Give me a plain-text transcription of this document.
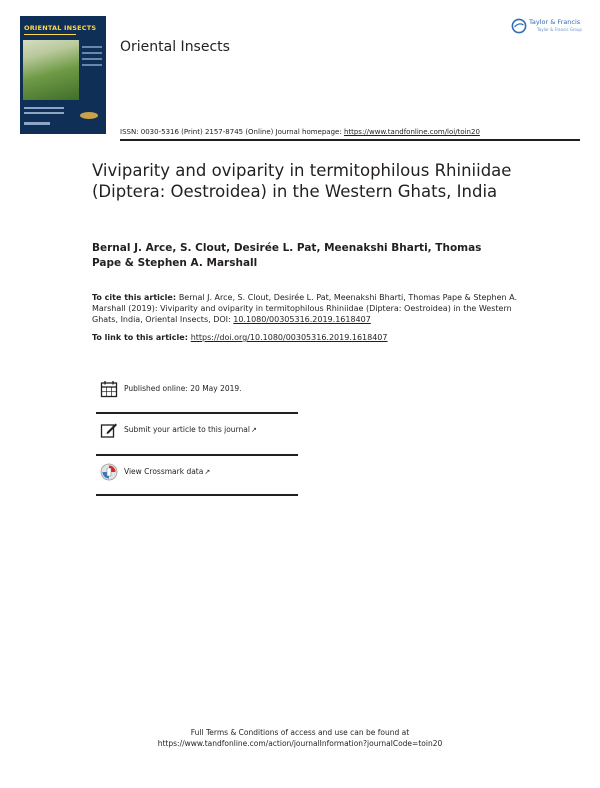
ORIENTAL INSECTS
Oriental Insects
Taylor & Francis
Taylor & Francis Group
ISSN: 0030-5316 (Print) 2157-8745 (Online) Journal homepage: https://www.tandfonline.com/loi/toin20
Viviparity and oviparity in termitophilous Rhiniidae (Diptera: Oestroidea) in the Western Ghats, India
Bernal J. Arce, S. Clout, Desirée L. Pat, Meenakshi Bharti, Thomas Pape & Stephen A. Marshall
To cite this article: Bernal J. Arce, S. Clout, Desirée L. Pat, Meenakshi Bharti, Thomas Pape & Stephen A. Marshall (2019): Viviparity and oviparity in termitophilous Rhiniidae (Diptera: Oestroidea) in the Western Ghats, India, Oriental Insects, DOI: 10.1080/00305316.2019.1618407
To link to this article: https://doi.org/10.1080/00305316.2019.1618407
Published online: 20 May 2019.
Submit your article to this journal↗
View Crossmark data↗
Full Terms & Conditions of access and use can be found at
https://www.tandfonline.com/action/journalInformation?journalCode=toin20
